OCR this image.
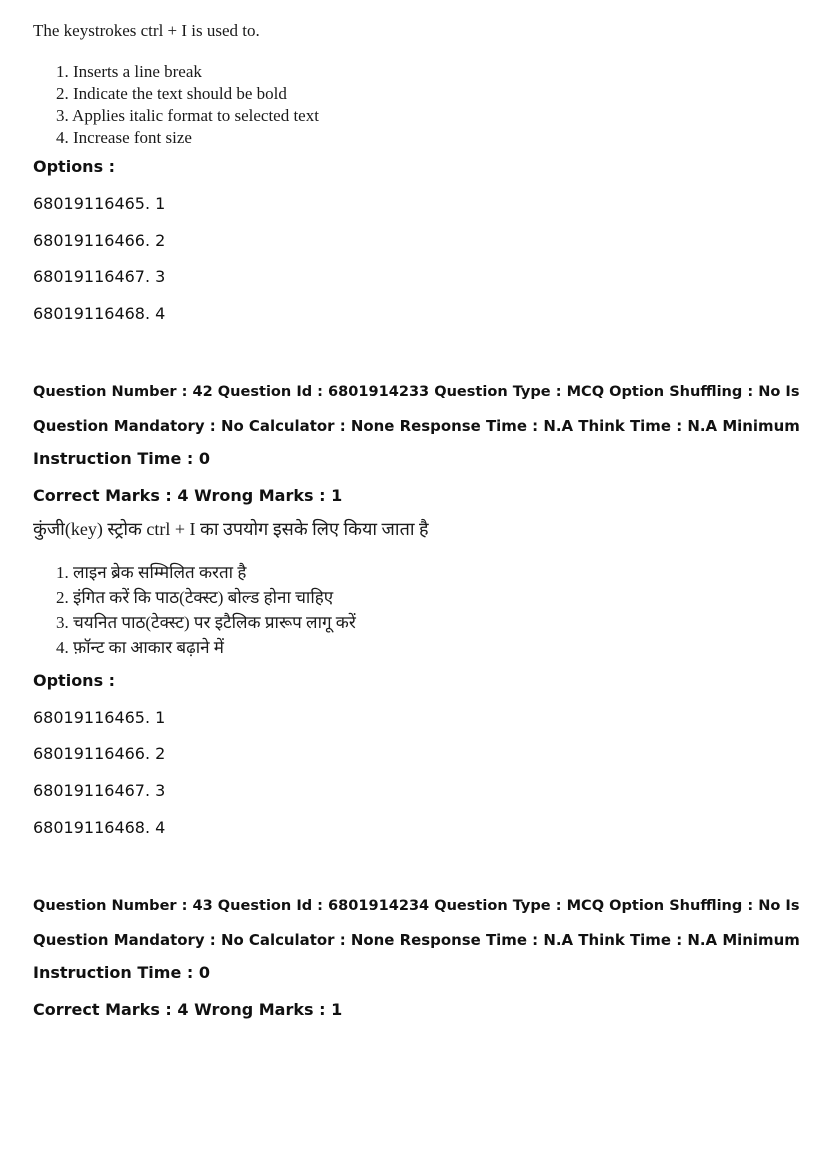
The keystrokes ctrl + I is used to.
1. Inserts a line break
2. Indicate the text should be bold
3. Applies italic format to selected text
4. Increase font size
Options :
68019116465. 1
68019116466. 2
68019116467. 3
68019116468. 4
Question Number : 42 Question Id : 6801914233 Question Type : MCQ Option Shuffling : No Is
Question Mandatory : No Calculator : None Response Time : N.A Think Time : N.A Minimum
Instruction Time : 0
Correct Marks : 4 Wrong Marks : 1
कुंजी(key) स्ट्रोक ctrl + I का उपयोग इसके लिए किया जाता है
1. लाइन ब्रेक सम्मिलित करता है
2. इंगित करें कि पाठ(टेक्स्ट) बोल्ड होना चाहिए
3. चयनित पाठ(टेक्स्ट) पर इटैलिक प्रारूप लागू करें
4. फ़ॉन्ट का आकार बढ़ाने में
Options :
68019116465. 1
68019116466. 2
68019116467. 3
68019116468. 4
Question Number : 43 Question Id : 6801914234 Question Type : MCQ Option Shuffling : No Is
Question Mandatory : No Calculator : None Response Time : N.A Think Time : N.A Minimum
Instruction Time : 0
Correct Marks : 4 Wrong Marks : 1
